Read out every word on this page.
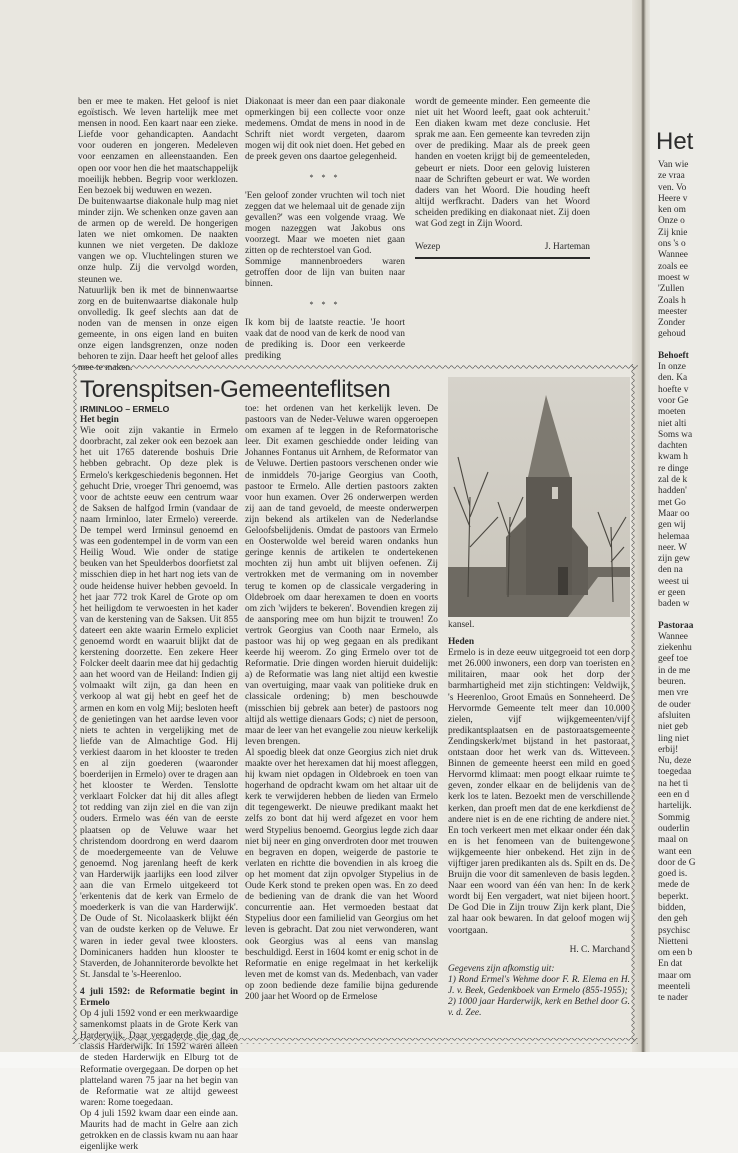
ben er mee te maken. Het geloof is niet egoïstisch. We leven hartelijk mee met mensen in nood. Een kaart naar een zieke. Liefde voor gehandicapten. Aandacht voor ouderen en jongeren. Medeleven voor eenzamen en alleenstaanden. Een open oor voor hen die het maatschappelijk moeilijk hebben. Begrip voor werklozen. Een bezoek bij weduwen en wezen.

De buitenwaartse diakonale hulp mag niet minder zijn. We schenken onze gaven aan de armen op de wereld. De hongerigen laten we niet omkomen. De naakten kunnen we niet vergeten. De dakloze vangen we op. Vluchtelingen sturen we onze hulp. Zij die vervolgd worden, steunen we.

Natuurlijk ben ik met de binnenwaartse zorg en de buitenwaartse diakonale hulp onvolledig. Ik geef slechts aan dat de noden van de mensen in onze eigen gemeente, in ons eigen land en buiten onze eigen landsgrenzen, onze noden behoren te zijn. Daar heeft het geloof alles mee te maken.

Diakonaat is meer dan een paar diakonale opmerkingen bij een collecte voor onze medemens. Omdat de mens in nood in de Schrift niet wordt vergeten, daarom mogen wij dit ook niet doen. Het gebed en de preek geven ons daartoe gelegenheid.

* * *

'Een geloof zonder vruchten wil toch niet zeggen dat we helemaal uit de genade zijn gevallen?' was een volgende vraag. We mogen nazeggen wat Jakobus ons voorzegt. Maar we moeten niet gaan zitten op de rechterstoel van God.

Sommige mannenbroeders waren getroffen door de lijn van buiten naar binnen.

* * *

Ik kom bij de laatste reactie. 'Je hoort vaak dat de nood van de kerk de nood van de prediking is. Door een verkeerde prediking

wordt de gemeente minder. Een gemeente die niet uit het Woord leeft, gaat ook achteruit.' Een diaken kwam met deze conclusie. Het sprak me aan. Een gemeente kan tevreden zijn over de prediking. Maar als de preek geen handen en voeten krijgt bij de gemeenteleden, gebeurt er niets. Door een gelovig luisteren naar de Schriften gebeurt er wat. We worden daders van het Woord. Die houding heeft altijd werfkracht. Daders van het Woord scheiden prediking en diakonaat niet. Zij doen wat God zegt in Zijn Woord.

Wezep	J. Harteman

Torenspitsen-Gemeenteflitsen

IRMINLOO – ERMELO

Het begin

Wie ooit zijn vakantie in Ermelo doorbracht, zal zeker ook een bezoek aan het uit 1765 daterende boshuis Drie hebben gebracht. Op deze plek is Ermelo's kerkgeschiedenis begonnen. Het gehucht Drie, vroeger Thri genoemd, was voor de achtste eeuw een centrum waar de Saksen de halfgod Irmin (vandaar de naam Irminloo, later Ermelo) vereerde. De tempel werd Irminsul genoemd en was een godentempel in de vorm van een Heilig Woud. Wie onder de statige beuken van het Speulderbos doorfietst zal misschien diep in het hart nog iets van de oude heidense huiver hebben gevoeld. In het jaar 772 trok Karel de Grote op om het heiligdom te verwoesten in het kader van de kerstening van de Saksen. Uit 855 dateert een akte waarin Ermelo expliciet genoemd wordt en waaruit blijkt dat de kerstening doorzette. Een zekere Heer Folcker deelt daarin mee dat hij gedachtig aan het woord van de Heiland: Indien gij volmaakt wilt zijn, ga dan heen en verkoop al wat gij hebt en geef het de armen en kom en volg Mij; besloten heeft de genietingen van het aardse leven voor niets te achten in vergelijking met de liefde van de Almachtige God. Hij verkiest daarom in het klooster te treden en al zijn goederen (waaronder boerderijen in Ermelo) over te dragen aan het klooster te Werden. Tenslotte verklaart Folcker dat hij dit alles aflegt tot redding van zijn ziel en die van zijn ouders. Ermelo was één van de eerste plaatsen op de Veluwe waar het christendom doordrong en werd daarom de moedergemeente van de Veluwe genoemd. Nog jarenlang heeft de kerk van Harderwijk jaarlijks een lood zilver aan die van Ermelo uitgekeerd tot 'erkentenis dat de kerk van Ermelo de moederkerk is van die van Harderwijk'. De Oude of St. Nicolaaskerk blijkt één van de oudste kerken op de Veluwe. Er waren in ieder geval twee kloosters. Dominicaners hadden hun klooster te Staverden, de Johanniterorde bevolkte het St. Jansdal te 's-Heerenloo.

4 juli 1592: de Reformatie begint in Ermelo

Op 4 juli 1592 vond er een merkwaardige samenkomst plaats in de Grote Kerk van Harderwijk. Daar vergaderde die dag de classis Harderwijk. In 1592 waren alleen de steden Harderwijk en Elburg tot de Reformatie overgegaan. De dorpen op het platteland waren 75 jaar na het begin van de Reformatie wat ze altijd geweest waren: Rome toegedaan.

Op 4 juli 1592 kwam daar een einde aan. Maurits had de macht in Gelre aan zich getrokken en de classis kwam nu aan haar eigenlijke werk

toe: het ordenen van het kerkelijk leven. De pastoors van de Neder-Veluwe waren opgeroepen om examen af te leggen in de Reformatorische leer. Dit examen geschiedde onder leiding van Johannes Fontanus uit Arnhem, de Reformator van de Veluwe. Dertien pastoors verschenen onder wie de inmiddels 70-jarige Georgius van Cooth, pastoor te Ermelo. Alle dertien pastoors zakten voor hun examen. Over 26 onderwerpen werden zij aan de tand gevoeld, de meeste onderwerpen zijn bekend als artikelen van de Nederlandse Geloofsbelijdenis. Omdat de pastoors van Ermelo en Oosterwolde wel bereid waren ondanks hun geringe kennis de artikelen te ondertekenen mochten zij hun ambt uit blijven oefenen. Zij vertrokken met de vermaning om in november terug te komen op de classicale vergadering in Oldebroek om daar herexamen te doen en voorts om zich 'wijders te bekeren'. Bovendien kregen zij de aansporing mee om hun bijzit te trouwen! Zo vertrok Georgius van Cooth naar Ermelo, als pastoor was hij op weg gegaan en als predikant keerde hij weerom. Zo ging Ermelo over tot de Reformatie. Drie dingen worden hieruit duidelijk: a) de Reformatie was lang niet altijd een kwestie van overtuiging, maar vaak van politieke druk en classicale ordening; b) men beschouwde (misschien bij gebrek aan beter) de pastoors nog altijd als wettige dienaars Gods; c) niet de persoon, maar de leer van het evangelie zou nieuw kerkelijk leven brengen.

Al spoedig bleek dat onze Georgius zich niet druk maakte over het herexamen dat hij moest afleggen, hij kwam niet opdagen in Oldebroek en toen van hogerhand de opdracht kwam om het altaar uit de kerk te verwijderen hebben de lieden van Ermelo dit tegengewerkt. De nieuwe predikant maakt het zelfs zo bont dat hij werd afgezet en voor hem werd Stypelius benoemd. Georgius legde zich daar niet bij neer en ging onverdroten door met trouwen en begraven en dopen, weigerde de pastorie te verlaten en richtte die bovendien in als kroeg die op het moment dat zijn opvolger Stypelius in de Oude Kerk stond te preken open was. En zo deed de bediening van de drank die van het Woord concurrentie aan. Het vermoeden bestaat dat Stypelius door een familielid van Georgius om het leven is gebracht. Dat zou niet verwonderen, want ook Georgius was al eens van manslag beschuldigd. Eerst in 1604 komt er enig schot in de Reformatie en enige regelmaat in het kerkelijk leven met de komst van ds. Medenbach, van vader op zoon bediende deze familie bijna gedurende 200 jaar het Woord op de Ermelose

kansel.

Heden

Ermelo is in deze eeuw uitgegroeid tot een dorp met 26.000 inwoners, een dorp van toeristen en militairen, maar ook het dorp der barmhartigheid met zijn stichtingen: Veldwijk, 's Heerenloo, Groot Emaüs en Sonneheerd. De Hervormde Gemeente telt meer dan 10.000 zielen, vijf wijkgemeenten/vijf predikantsplaatsen en de pastoraatsgemeente Zendingskerk/met bijstand in het pastoraat, ontstaan door het werk van ds. Witteveen. Binnen de gemeente heerst een mild en goed Hervormd klimaat: men poogt elkaar ruimte te geven, zonder elkaar en de belijdenis van de kerk los te laten. Bezoekt men de verschillende kerken, dan proeft men dat de ene kerkdienst de andere niet is en de ene richting de andere niet. En toch verkeert men met elkaar onder één dak en is het fenomeen van de buitengewone wijkgemeente hier onbekend. Het zijn in de vijftiger jaren predikanten als ds. Spilt en ds. De Bruijn die voor dit samenleven de basis legden. Naar een woord van één van hen: In de kerk wordt bij Een vergadert, wat niet bijeen hoort. De God Die in Zijn trouw Zijn kerk plant, Die zal haar ook bewaren. In dat geloof mogen wij voortgaan.

H. C. Marchand

Gegevens zijn afkomstig uit:

1) Rond Ermel's Wehme door F. R. Elema en H. J. v. Beek, Gedenkboek van Ermelo (855-1955);

2) 1000 jaar Harderwijk, kerk en Bethel door G. v. d. Zee.

Het
Van wie
ze vraa
ven. Vo
Heere v
ken om
Onze o
Zij knie
ons 's o
Wannee
zoals ee
moest w
'Zullen
Zoals h
meester
Zonder
gehoud
Behoeft
In onze
den. Ka
hoefte v
voor Ge
moeten
niet alti
Soms wa
dachten
kwam h
re dinge
zal de k
hadden'
met Go
Maar oo
gen wij
helemaa
neer. W
zijn gew
den na
weest ui
er geen
baden w
Pastoraa
Wannee
ziekenhu
geef toe
in de me
beuren.
men vre
de ouder
afsluiten
niet geb
ling niet
erbij!
Nu, deze
toegedaa
na het ti
een en d
hartelijk.
Sommig
ouderlin
maal on
want een
door de G
goed is.
mede de
beperkt.
bidden,
den geh
psychisc
Nietteni
om een b
En dat
maar om
meenteli
te nader
